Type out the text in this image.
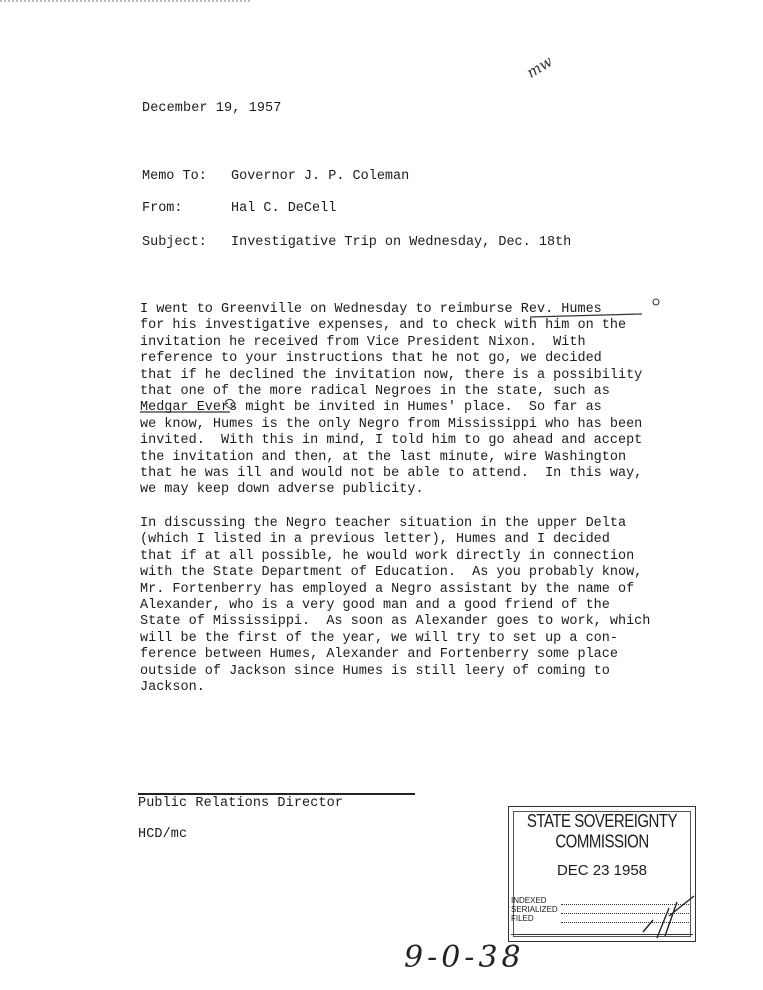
mw
December 19, 1957
Memo To: Governor J. P. Coleman
From:	Hal C. DeCell
Subject: Investigative Trip on Wednesday, Dec. 18th
I went to Greenville on Wednesday to reimburse Rev. Humes
for his investigative expenses, and to check with him on the
invitation he received from Vice President Nixon.  With
reference to your instructions that he not go, we decided
that if he declined the invitation now, there is a possibility
that one of the more radical Negroes in the state, such as
Medgar Evers might be invited in Humes' place.  So far as
we know, Humes is the only Negro from Mississippi who has been
invited.  With this in mind, I told him to go ahead and accept
the invitation and then, at the last minute, wire Washington
that he was ill and would not be able to attend.  In this way,
we may keep down adverse publicity.
In discussing the Negro teacher situation in the upper Delta
(which I listed in a previous letter), Humes and I decided
that if at all possible, he would work directly in connection
with the State Department of Education.  As you probably know,
Mr. Fortenberry has employed a Negro assistant by the name of
Alexander, who is a very good man and a good friend of the
State of Mississippi.  As soon as Alexander goes to work, which
will be the first of the year, we will try to set up a con-
ference between Humes, Alexander and Fortenberry some place
outside of Jackson since Humes is still leery of coming to
Jackson.
Public Relations Director
HCD/mc
STATE SOVEREIGNTY COMMISSION
DEC 23 1958
INDEXED
SERIALIZED
FILED
9-0-38
